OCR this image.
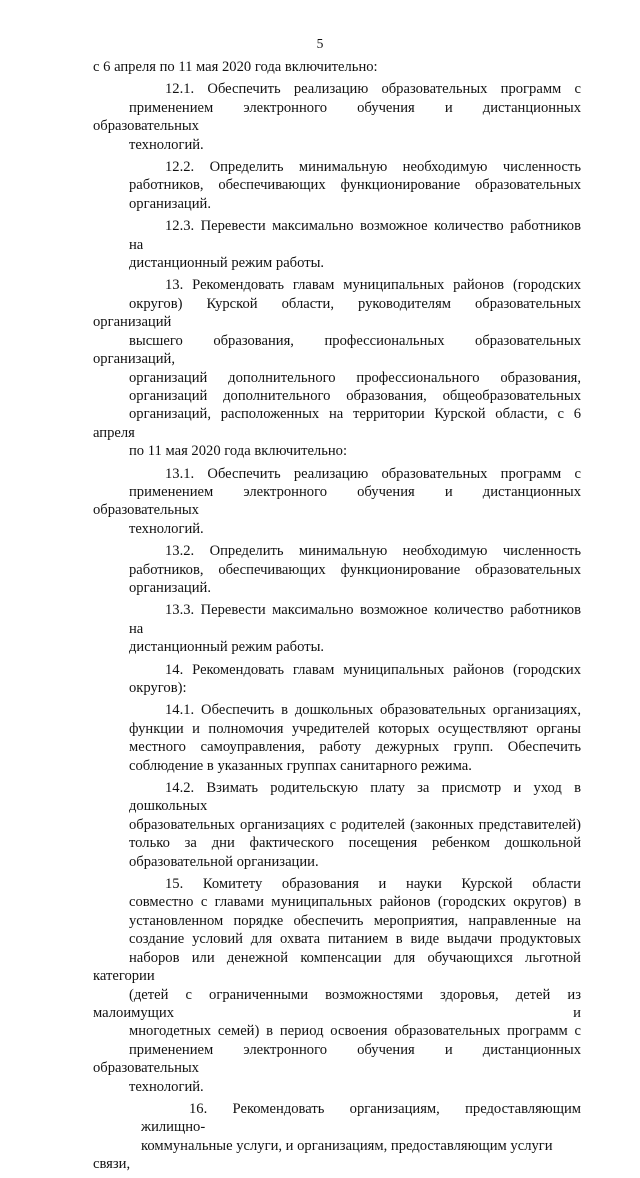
5
с 6 апреля по 11 мая 2020 года включительно:
12.1. Обеспечить реализацию образовательных программ с
применением электронного обучения и дистанционных образовательных
технологий.
12.2. Определить минимальную необходимую численность
работников, обеспечивающих функционирование образовательных
организаций.
12.3. Перевести максимально возможное количество работников на
дистанционный режим работы.
13. Рекомендовать главам муниципальных районов (городских
округов) Курской области, руководителям образовательных организаций
высшего образования, профессиональных образовательных организаций,
организаций дополнительного профессионального образования,
организаций дополнительного образования, общеобразовательных
организаций, расположенных на территории Курской области, с 6 апреля
по 11 мая 2020 года включительно:
13.1. Обеспечить реализацию образовательных программ с
применением электронного обучения и дистанционных образовательных
технологий.
13.2. Определить минимальную необходимую численность
работников, обеспечивающих функционирование образовательных
организаций.
13.3. Перевести максимально возможное количество работников на
дистанционный режим работы.
14. Рекомендовать главам муниципальных районов (городских
округов):
14.1. Обеспечить в дошкольных образовательных организациях,
функции и полномочия учредителей которых осуществляют органы
местного самоуправления, работу дежурных групп. Обеспечить
соблюдение в указанных группах санитарного режима.
14.2. Взимать родительскую плату за присмотр и уход в дошкольных
образовательных организациях с родителей (законных представителей)
только за дни фактического посещения ребенком дошкольной
образовательной организации.
15. Комитету образования и науки Курской области
совместно с главами муниципальных районов (городских округов) в
установленном порядке обеспечить мероприятия, направленные на
создание условий для охвата питанием в виде выдачи продуктовых
наборов или денежной компенсации для обучающихся льготной категории
(детей с ограниченными возможностями здоровья, детей из малоимущих и
многодетных семей) в период освоения образовательных программ с
применением электронного обучения и дистанционных образовательных
технологий.
16. Рекомендовать организациям, предоставляющим жилищно-
коммунальные услуги, и организациям, предоставляющим услуги связи,
